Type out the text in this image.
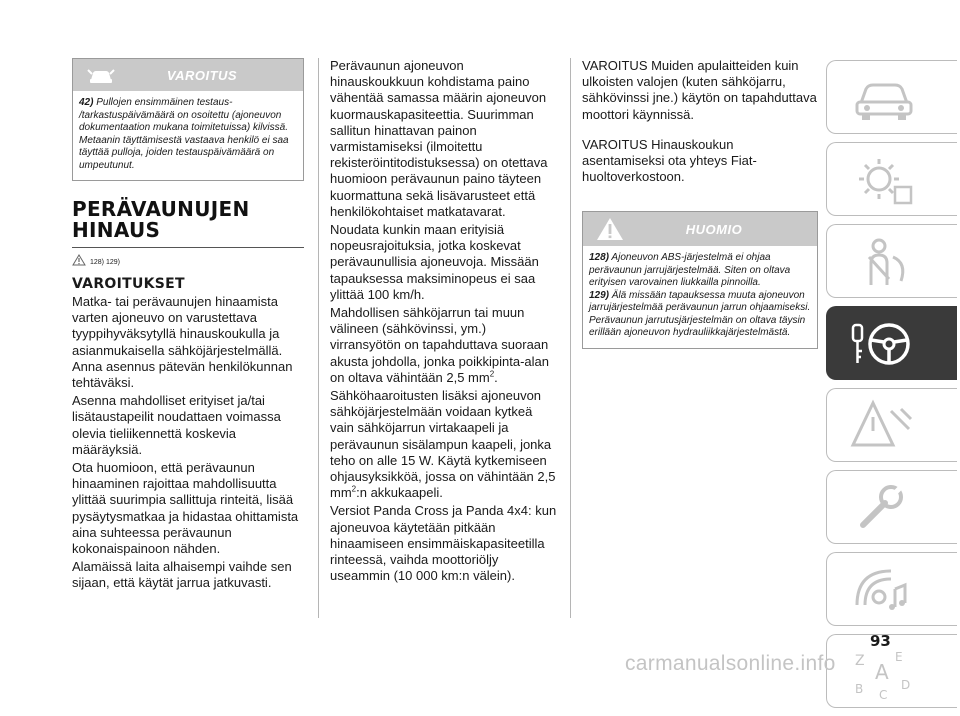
VAROITUS
42) Pullojen ensimmäinen testaus- /tarkastuspäivämäärä on osoitettu (ajoneuvon dokumentaation mukana toimitetuissa) kilvissä. Metaanin täyttämisestä vastaava henkilö ei saa täyttää pulloja, joiden testauspäivämäärä on umpeutunut.
PERÄVAUNUJEN
HINAUS
128) 129)
VAROITUKSET

Matka- tai perävaunujen hinaamista varten ajoneuvo on varustettava tyyppihyväksytyllä hinauskoukulla ja asianmukaisella sähköjärjestelmällä. Anna asennus pätevän henkilökunnan tehtäväksi.

Asenna mahdolliset erityiset ja/tai lisätaustapeilit noudattaen voimassa olevia tieliikennettä koskevia määräyksiä.

Ota huomioon, että perävaunun hinaaminen rajoittaa mahdollisuutta ylittää suurimpia sallittuja rinteitä, lisää pysäytysmatkaa ja hidastaa ohittamista aina suhteessa perävaunun kokonaispainoon nähden.

Alamäissä laita alhaisempi vaihde sen sijaan, että käytät jarrua jatkuvasti.

Perävaunun ajoneuvon hinauskoukkuun kohdistama paino vähentää samassa määrin ajoneuvon kuormauskapasiteettia. Suurimman sallitun hinattavan painon varmistamiseksi (ilmoitettu rekisteröintitodistuksessa) on otettava huomioon perävaunun paino täyteen kuormattuna sekä lisävarusteet että henkilökohtaiset matkatavarat.

Noudata kunkin maan erityisiä nopeusrajoituksia, jotka koskevat perävaunullisia ajoneuvoja. Missään tapauksessa maksiminopeus ei saa ylittää 100 km/h.

Mahdollisen sähköjarrun tai muun välineen (sähkövinssi, ym.) virransyötön on tapahduttava suoraan akusta johdolla, jonka poikkipinta-alan on oltava vähintään 2,5 $mm^2$.

Sähköhaaroitusten lisäksi ajoneuvon sähköjärjestelmään voidaan kytkeä vain sähköjarrun virtakaapeli ja perävaunun sisälampun kaapeli, jonka teho on alle 15 W. Käytä kytkemiseen ohjausyksikköä, jossa on vähintään 2,5 $mm^2:n$ akkukaapeli.

Versiot Panda Cross ja Panda 4x4: kun ajoneuvoa käytetään pitkään hinaamiseen ensimmäiskapasiteetilla rinteessä, vaihda moottoriöljy useammin (10 000 km:n välein).

VAROITUS Muiden apulaitteiden kuin ulkoisten valojen (kuten sähköjarru, sähkövinssi jne.) käytön on tapahduttava moottori käynnissä.

VAROITUS Hinauskoukun asentamiseksi ota yhteys Fiat-huoltoverkostoon.

HUOMIO
128) Ajoneuvon ABS-järjestelmä ei ohjaa perävaunun jarrujärjestelmää. Siten on oltava erityisen varovainen liukkailla pinnoilla.
129) Älä missään tapauksessa muuta ajoneuvon jarrujärjestelmää perävaunun jarrun ohjaamiseksi. Perävaunun jarrutusjärjestelmän on oltava täysin erillään ajoneuvon hydrauliikkajärjestelmästä.
Z	E
A
B C
D
93
carmanualsonline.info
